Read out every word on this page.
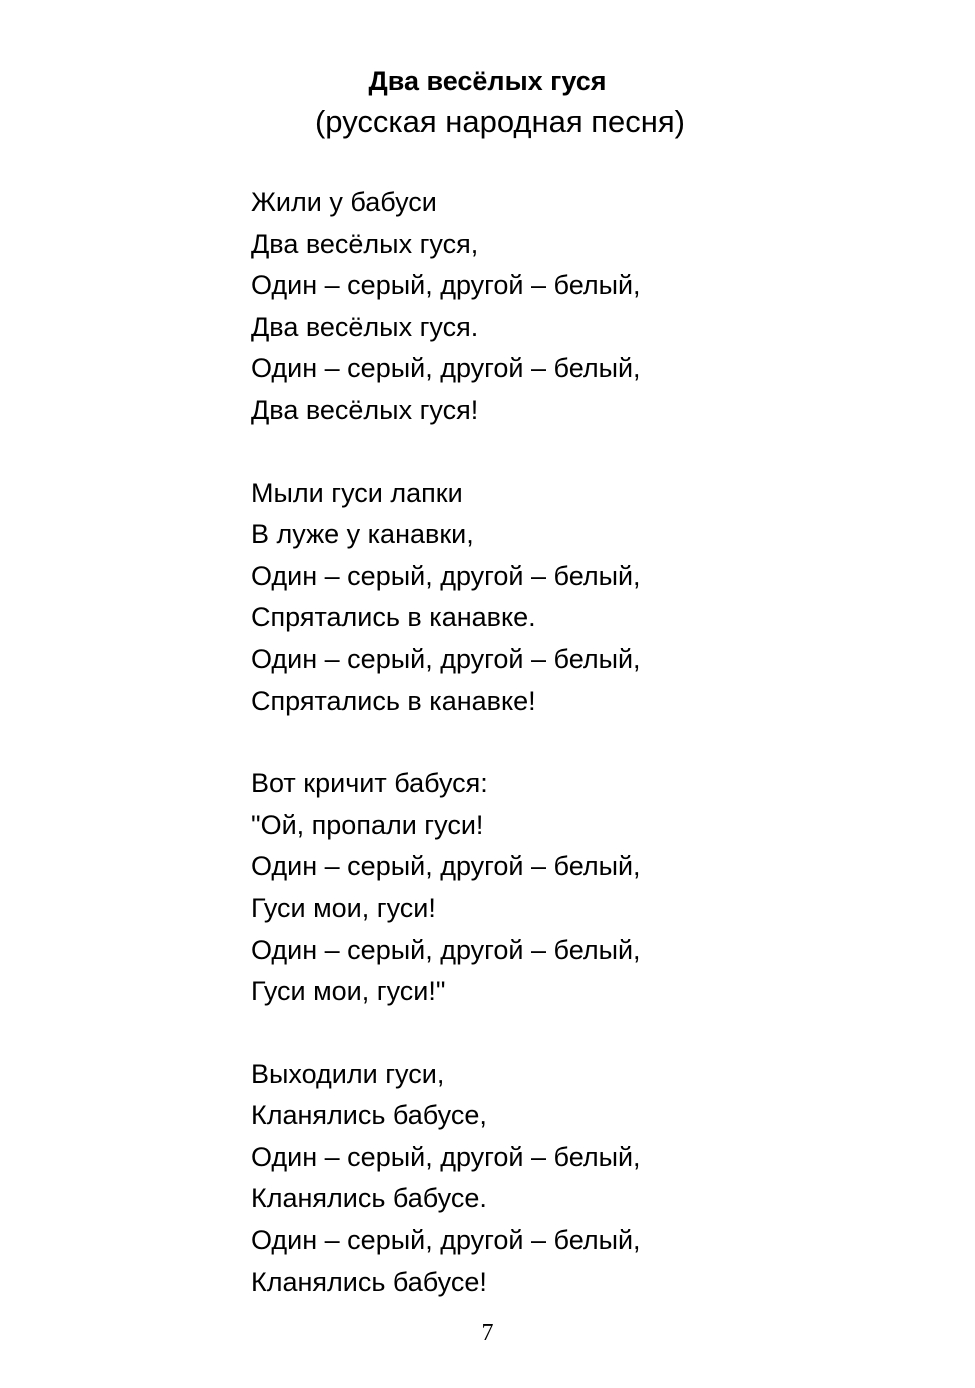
Два весёлых гуся
(русская народная песня)
Жили у бабуси
Два весёлых гуся,
Один – серый, другой – белый,
Два весёлых гуся.
Один – серый, другой – белый,
Два весёлых гуся!
Мыли гуси лапки
В луже у канавки,
Один – серый, другой – белый,
Спрятались в канавке.
Один – серый, другой – белый,
Спрятались в канавке!
Вот кричит бабуся:
"Ой, пропали гуси!
Один – серый, другой – белый,
Гуси мои, гуси!
Один – серый, другой – белый,
Гуси мои, гуси!"
Выходили гуси,
Кланялись бабусе,
Один – серый, другой – белый,
Кланялись бабусе.
Один – серый, другой – белый,
Кланялись бабусе!
7
